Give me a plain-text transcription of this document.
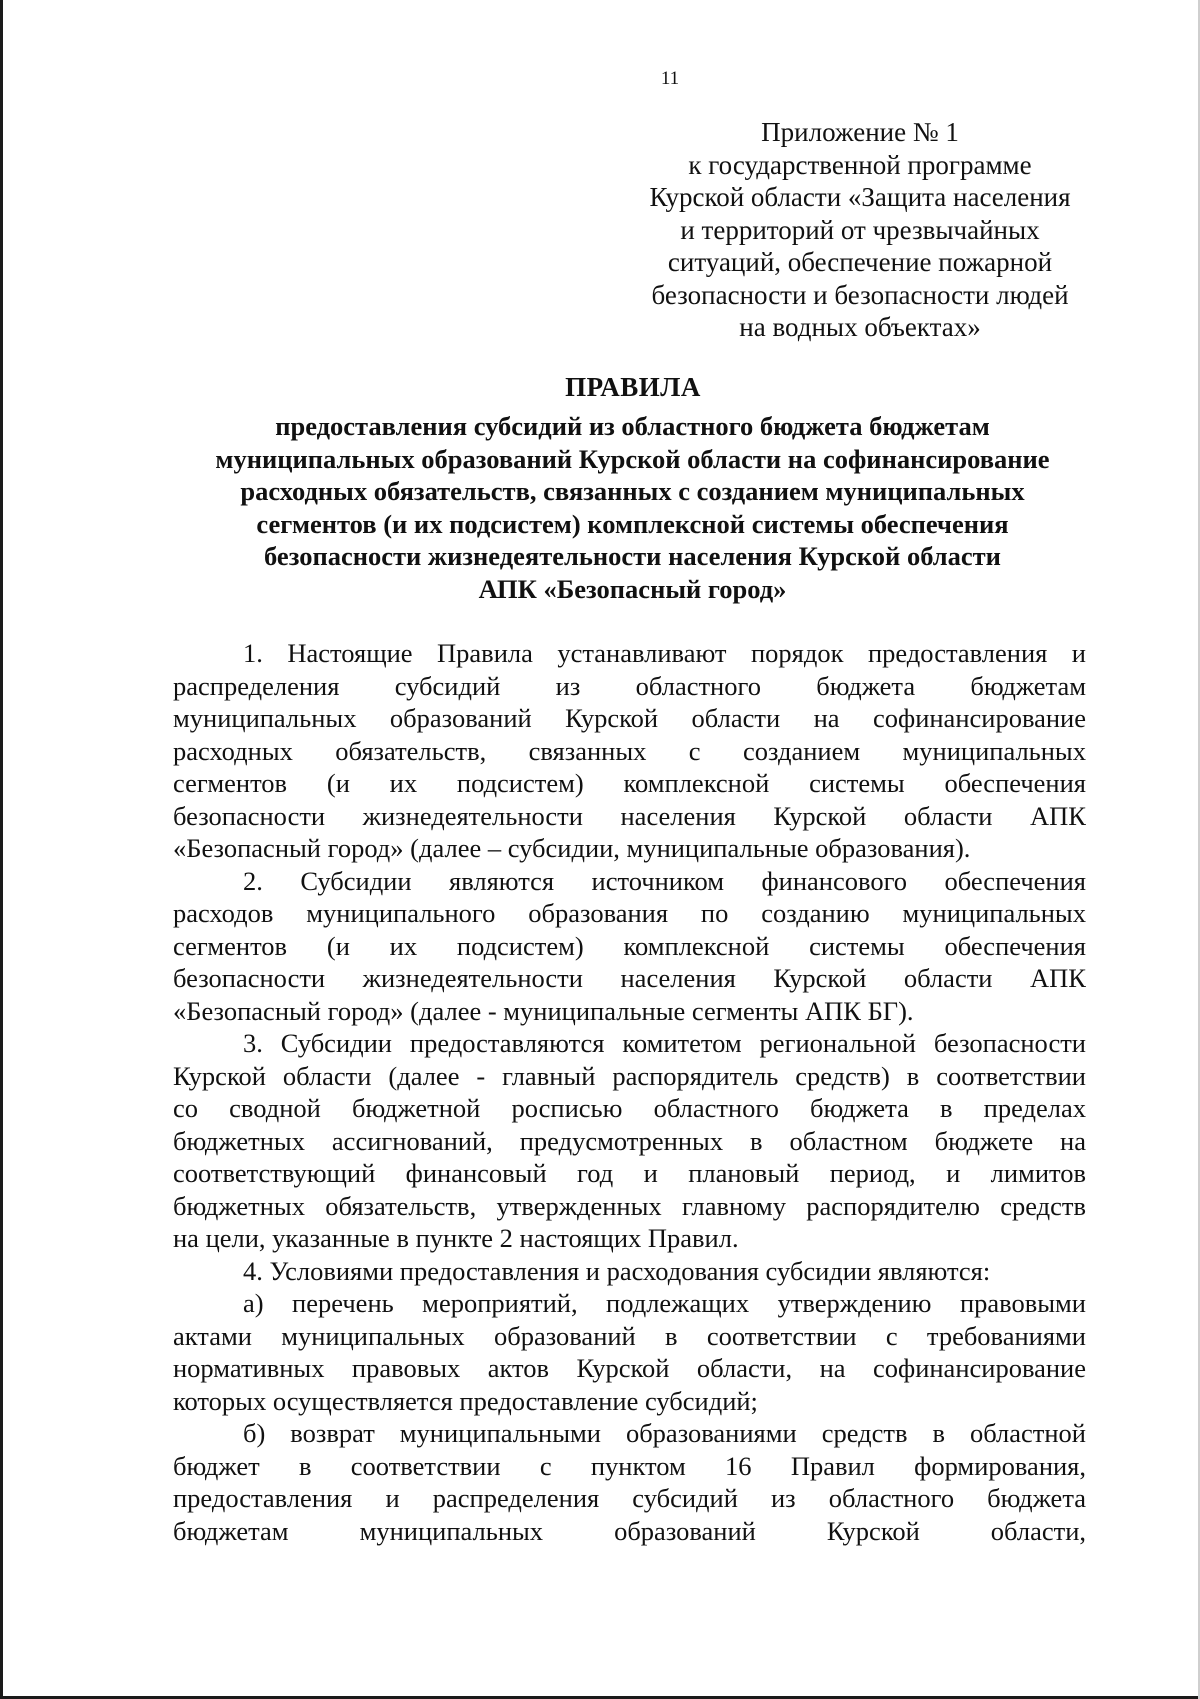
11
Приложение № 1
к государственной программе
Курской области «Защита населения
и территорий от чрезвычайных
ситуаций, обеспечение пожарной
безопасности и безопасности людей
на водных объектах»
ПРАВИЛА
предоставления субсидий из областного бюджета бюджетам
муниципальных образований Курской области на софинансирование
расходных обязательств, связанных с созданием муниципальных
сегментов (и их подсистем) комплексной системы обеспечения
безопасности жизнедеятельности населения Курской области
АПК «Безопасный город»
1. Настоящие Правила устанавливают порядок предоставления и
распределения субсидий из областного бюджета бюджетам
муниципальных образований Курской области на софинансирование
расходных обязательств, связанных с созданием муниципальных
сегментов (и их подсистем) комплексной системы обеспечения
безопасности жизнедеятельности населения Курской области АПК
«Безопасный город» (далее – субсидии, муниципальные образования).
2. Субсидии являются источником финансового обеспечения
расходов муниципального образования по созданию муниципальных
сегментов (и их подсистем) комплексной системы обеспечения
безопасности жизнедеятельности населения Курской области АПК
«Безопасный город» (далее - муниципальные сегменты АПК БГ).
3. Субсидии предоставляются комитетом региональной безопасности
Курской области (далее - главный распорядитель средств) в соответствии
со сводной бюджетной росписью областного бюджета в пределах
бюджетных ассигнований, предусмотренных в областном бюджете на
соответствующий финансовый год и плановый период, и лимитов
бюджетных обязательств, утвержденных главному распорядителю средств
на цели, указанные в пункте 2 настоящих Правил.
4. Условиями предоставления и расходования субсидии являются:
а) перечень мероприятий, подлежащих утверждению правовыми
актами муниципальных образований в соответствии с требованиями
нормативных правовых актов Курской области, на софинансирование
которых осуществляется предоставление субсидий;
б) возврат муниципальными образованиями средств в областной
бюджет в соответствии с пунктом 16 Правил формирования,
предоставления и распределения субсидий из областного бюджета
бюджетам муниципальных образований Курской области,
